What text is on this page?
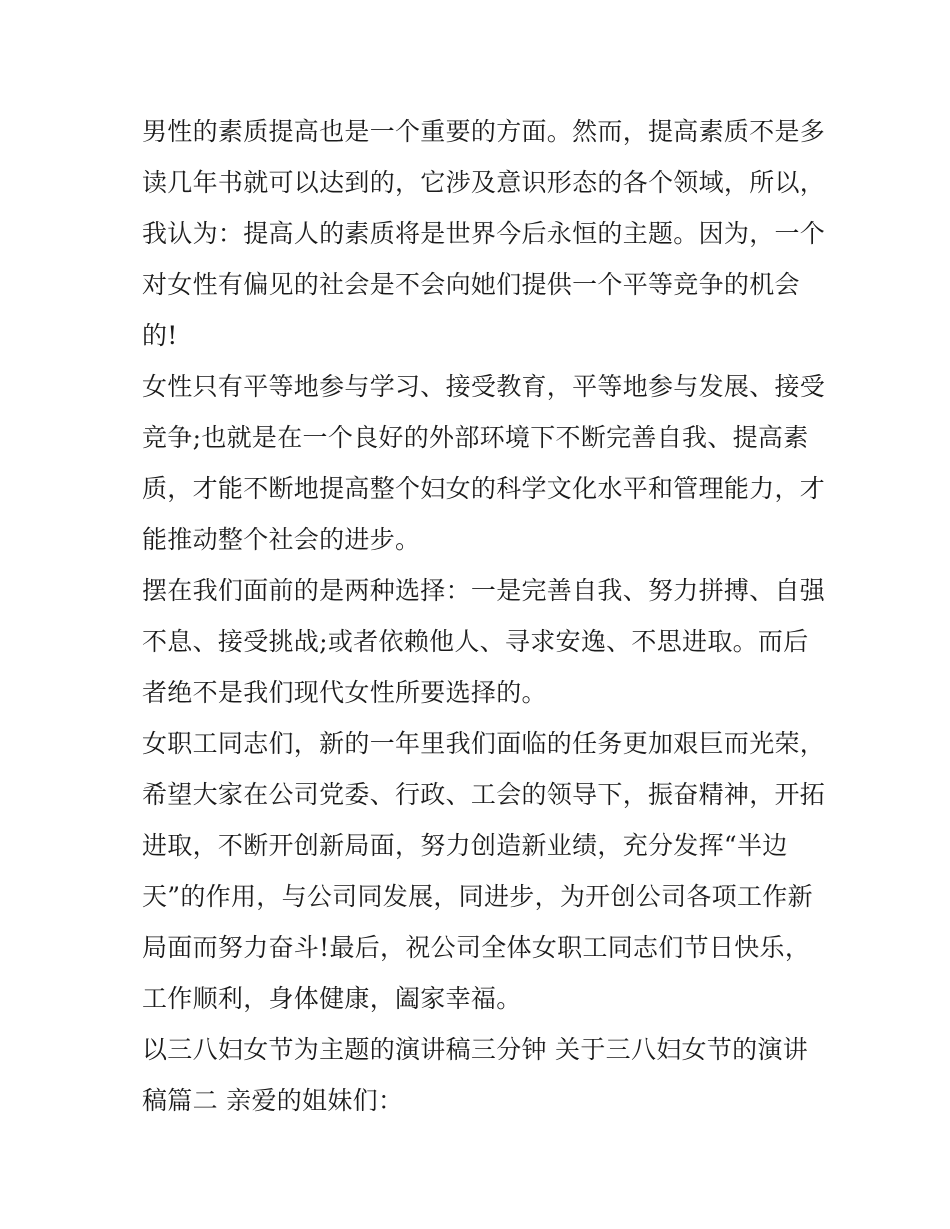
男性的素质提高也是一个重要的方面。然而，提高素质不是多
读几年书就可以达到的，它涉及意识形态的各个领域，所以，
我认为：提高人的素质将是世界今后永恒的主题。因为，一个
对女性有偏见的社会是不会向她们提供一个平等竞争的机会
的!
女性只有平等地参与学习、接受教育，平等地参与发展、接受
竞争;也就是在一个良好的外部环境下不断完善自我、提高素
质，才能不断地提高整个妇女的科学文化水平和管理能力，才
能推动整个社会的进步。
摆在我们面前的是两种选择：一是完善自我、努力拼搏、自强
不息、接受挑战;或者依赖他人、寻求安逸、不思进取。而后
者绝不是我们现代女性所要选择的。
女职工同志们，新的一年里我们面临的任务更加艰巨而光荣，
希望大家在公司党委、行政、工会的领导下，振奋精神，开拓
进取，不断开创新局面，努力创造新业绩，充分发挥“半边
天”的作用，与公司同发展，同进步，为开创公司各项工作新
局面而努力奋斗!最后，祝公司全体女职工同志们节日快乐，
工作顺利，身体健康，阖家幸福。
以三八妇女节为主题的演讲稿三分钟 关于三八妇女节的演讲
稿篇二 亲爱的姐妹们：
